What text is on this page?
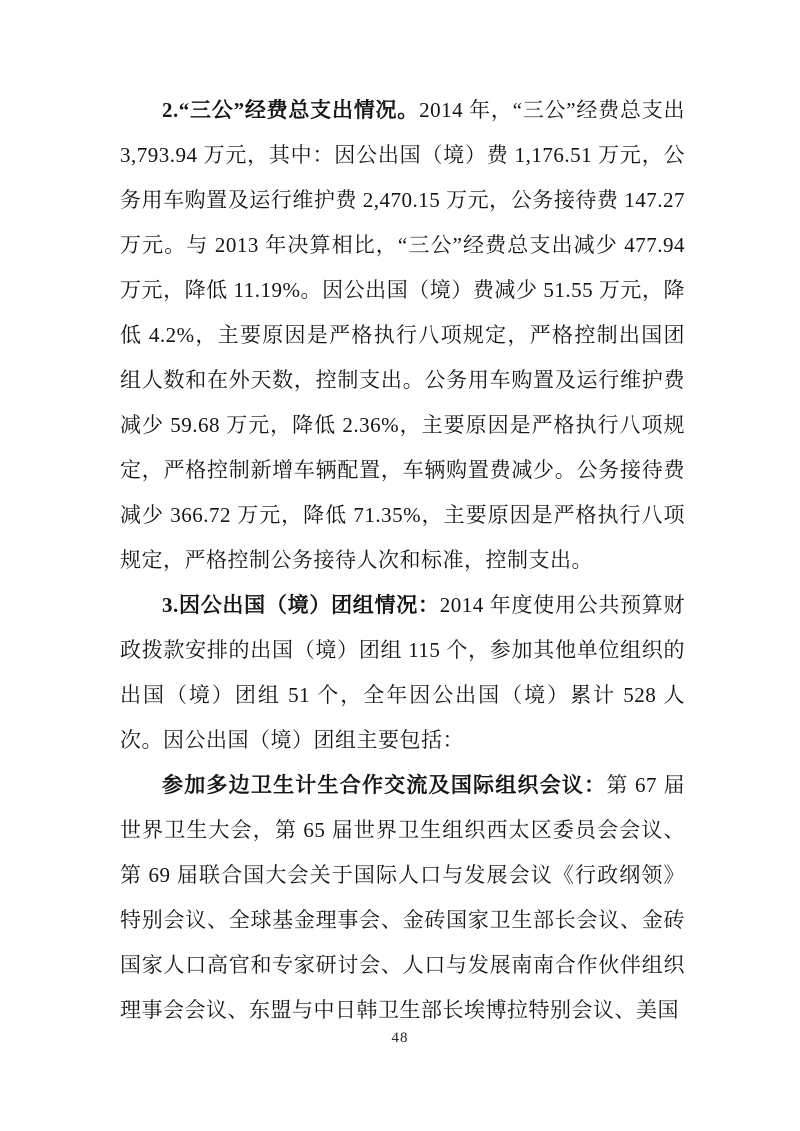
2.“三公”经费总支出情况。2014 年，“三公”经费总支出 3,793.94 万元，其中：因公出国（境）费 1,176.51 万元，公务用车购置及运行维护费 2,470.15 万元，公务接待费 147.27 万元。与 2013 年决算相比，“三公”经费总支出减少 477.94 万元，降低 11.19%。因公出国（境）费减少 51.55 万元，降低 4.2%，主要原因是严格执行八项规定，严格控制出国团组人数和在外天数，控制支出。公务用车购置及运行维护费减少 59.68 万元，降低 2.36%，主要原因是严格执行八项规定，严格控制新增车辆配置，车辆购置费减少。公务接待费减少 366.72 万元，降低 71.35%，主要原因是严格执行八项规定，严格控制公务接待人次和标准，控制支出。

3.因公出国（境）团组情况：2014 年度使用公共预算财政拨款安排的出国（境）团组 115 个，参加其他单位组织的出国（境）团组 51 个，全年因公出国（境）累计 528 人次。因公出国（境）团组主要包括：

参加多边卫生计生合作交流及国际组织会议：第 67 届世界卫生大会，第 65 届世界卫生组织西太区委员会会议、第 69 届联合国大会关于国际人口与发展会议《行政纲领》特别会议、全球基金理事会、金砖国家卫生部长会议、金砖国家人口高官和专家研讨会、人口与发展南南合作伙伴组织理事会会议、东盟与中日韩卫生部长埃博拉特别会议、美国

48
